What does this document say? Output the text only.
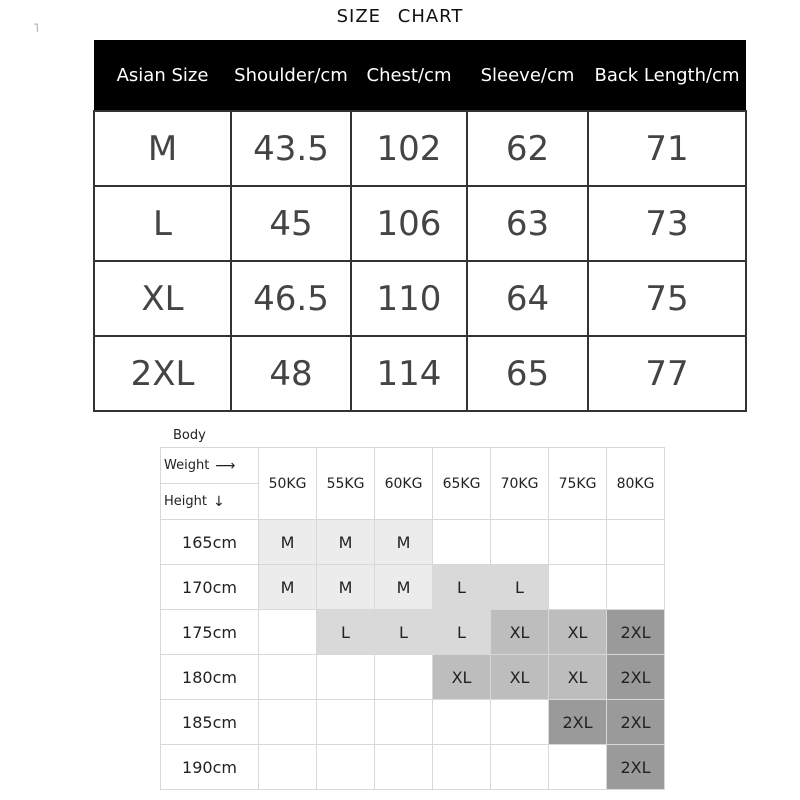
˥
SIZE CHART
Asian Size	Shoulder/cm	Chest/cm	Sleeve/cm	Back Length/cm
M	43.5	102	62	71
L	45	106	63	73
XL	46.5	110	64	75
2XL	48	114	65	77
Body
Weight ⟶
Height ↓	50KG	55KG	60KG	65KG	70KG	75KG	80KG
165cm	M	M	M				
170cm	M	M	M	L	L		
175cm		L	L	L	XL	XL	2XL
180cm				XL	XL	XL	2XL
185cm						2XL	2XL
190cm							2XL
